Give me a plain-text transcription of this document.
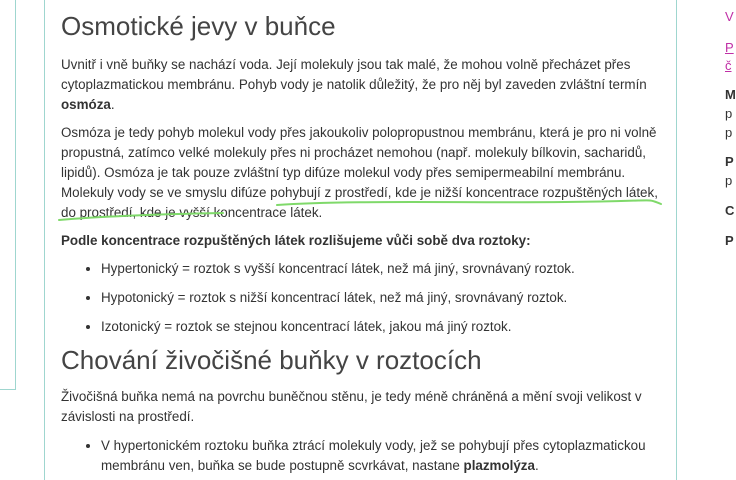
Osmotické jevy v buňce

Uvnitř i vně buňky se nachází voda. Její molekuly jsou tak malé, že mohou volně přecházet přes cytoplazmatickou membránu. Pohyb vody je natolik důležitý, že pro něj byl zaveden zvláštní termín osmóza.

Osmóza je tedy pohyb molekul vody přes jakoukoliv polopropustnou membránu, která je pro ni volně propustná, zatímco velké molekuly přes ni procházet nemohou (např. molekuly bílkovin, sacharidů, lipidů). Osmóza je tak pouze zvláštní typ difúze molekul vody přes semipermeabilní membránu. Molekuly vody se ve smyslu difúze pohybují z prostředí, kde je nižší koncentrace rozpuštěných látek, do prostředí, kde je vyšší koncentrace látek.

Podle koncentrace rozpuštěných látek rozlišujeme vůči sobě dva roztoky:

Hypertonický = roztok s vyšší koncentrací látek, než má jiný, srovnávaný roztok.
Hypotonický = roztok s nižší koncentrací látek, než má jiný, srovnávaný roztok.
Izotonický = roztok se stejnou koncentrací látek, jakou má jiný roztok.
Chování živočišné buňky v roztocích

Živočišná buňka nemá na povrchu buněčnou stěnu, je tedy méně chráněná a mění svoji velikost v závislosti na prostředí.

V hypertonickém roztoku buňka ztrácí molekuly vody, jež se pohybují přes cytoplazmatickou membránu ven, buňka se bude postupně scvrkávat, nastane plazmolýza.
V
P
č
M
p
p
P
p
C
P
